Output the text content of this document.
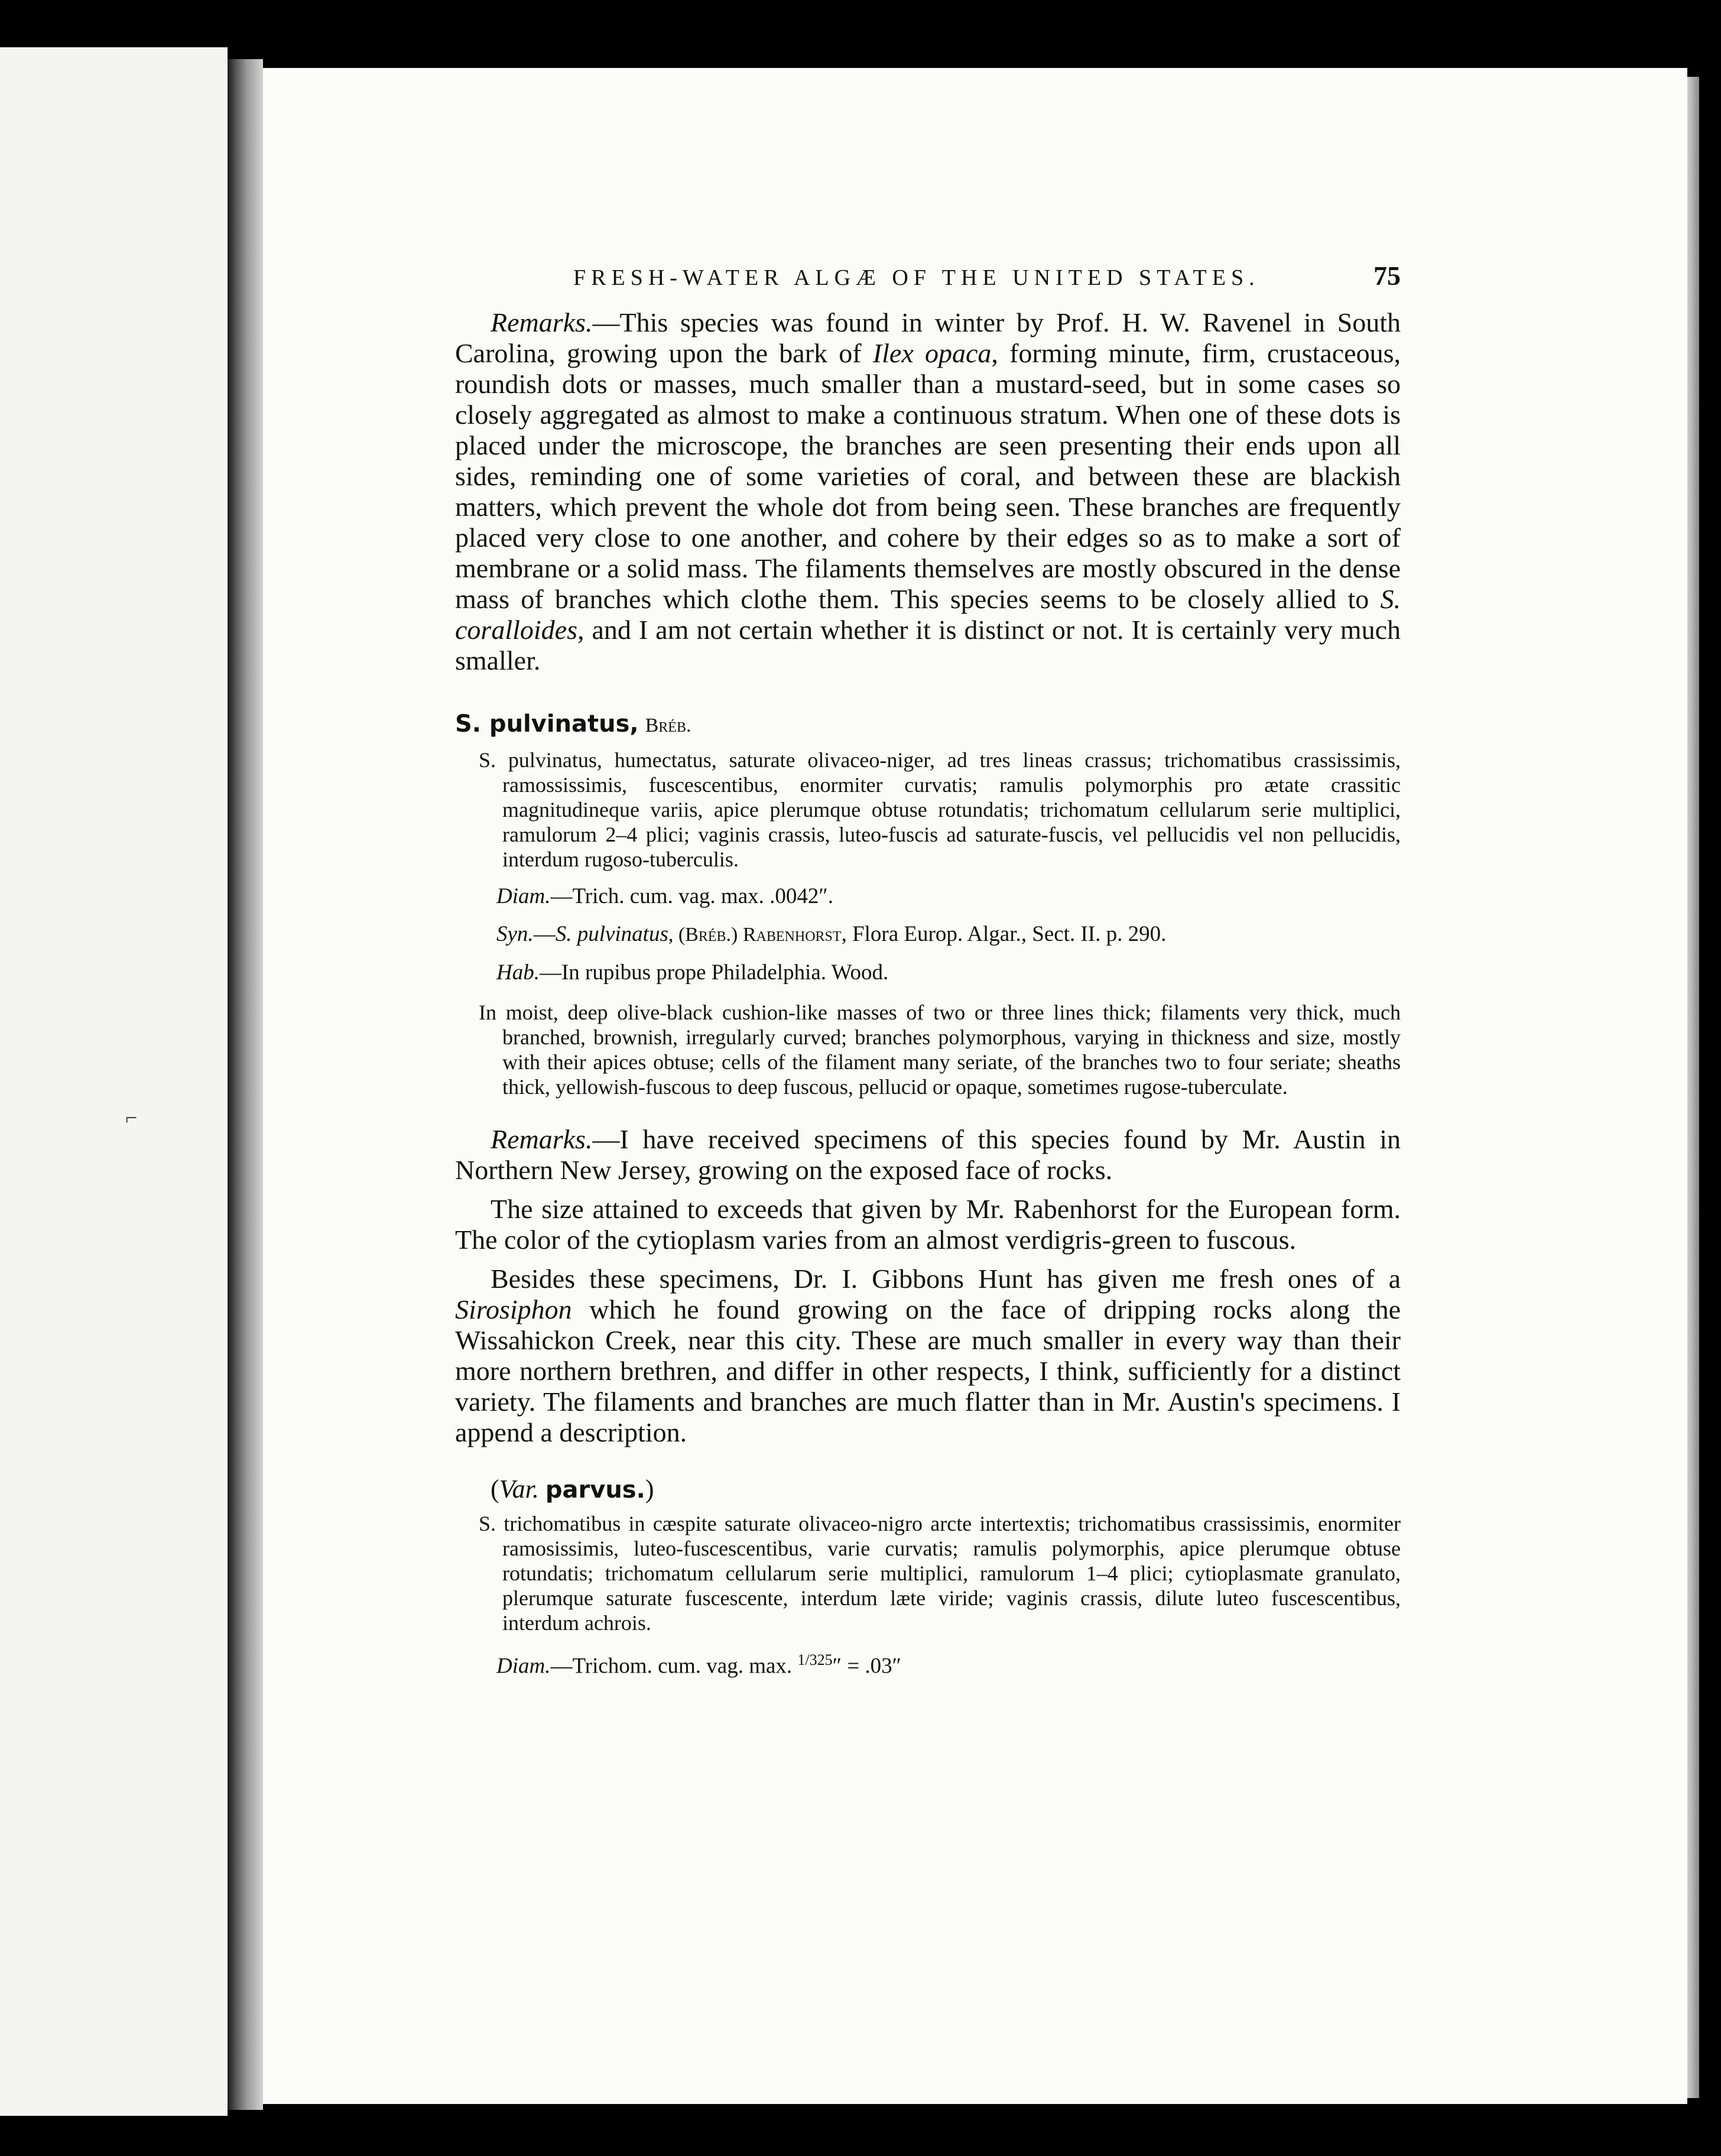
⌐
FRESH-WATER ALGÆ OF THE UNITED STATES.	75

Remarks.—This species was found in winter by Prof. H. W. Ravenel in South Carolina, growing upon the bark of Ilex opaca, forming minute, firm, crustaceous, roundish dots or masses, much smaller than a mustard-seed, but in some cases so closely aggregated as almost to make a continuous stratum. When one of these dots is placed under the microscope, the branches are seen presenting their ends upon all sides, reminding one of some varieties of coral, and between these are blackish matters, which prevent the whole dot from being seen. These branches are frequently placed very close to one another, and cohere by their edges so as to make a sort of membrane or a solid mass. The filaments themselves are mostly obscured in the dense mass of branches which clothe them. This species seems to be closely allied to S. coralloides, and I am not certain whether it is distinct or not. It is certainly very much smaller.

S. pulvinatus, Bréb.

S. pulvinatus, humectatus, saturate olivaceo-niger, ad tres lineas crassus; trichomatibus crassissimis, ramossissimis, fuscescentibus, enormiter curvatis; ramulis polymorphis pro ætate crassitic magnitudineque variis, apice plerumque obtuse rotundatis; trichomatum cellularum serie multiplici, ramulorum 2–4 plici; vaginis crassis, luteo-fuscis ad saturate-fuscis, vel pellucidis vel non pellucidis, interdum rugoso-tuberculis.

Diam.—Trich. cum. vag. max. .0042″.
Syn.—S. pulvinatus, (Bréb.) Rabenhorst, Flora Europ. Algar., Sect. II. p. 290.
Hab.—In rupibus prope Philadelphia. Wood.

In moist, deep olive-black cushion-like masses of two or three lines thick; filaments very thick, much branched, brownish, irregularly curved; branches polymorphous, varying in thickness and size, mostly with their apices obtuse; cells of the filament many seriate, of the branches two to four seriate; sheaths thick, yellowish-fuscous to deep fuscous, pellucid or opaque, sometimes rugose-tuberculate.

Remarks.—I have received specimens of this species found by Mr. Austin in Northern New Jersey, growing on the exposed face of rocks.

The size attained to exceeds that given by Mr. Rabenhorst for the European form. The color of the cytioplasm varies from an almost verdigris-green to fuscous.

Besides these specimens, Dr. I. Gibbons Hunt has given me fresh ones of a Sirosiphon which he found growing on the face of dripping rocks along the Wissahickon Creek, near this city. These are much smaller in every way than their more northern brethren, and differ in other respects, I think, sufficiently for a distinct variety. The filaments and branches are much flatter than in Mr. Austin's specimens. I append a description.

(Var. parvus.)

S. trichomatibus in cæspite saturate olivaceo-nigro arcte intertextis; trichomatibus crassissimis, enormiter ramosissimis, luteo-fuscescentibus, varie curvatis; ramulis polymorphis, apice plerumque obtuse rotundatis; trichomatum cellularum serie multiplici, ramulorum 1–4 plici; cytioplasmate granulato, plerumque saturate fuscescente, interdum læte viride; vaginis crassis, dilute luteo fuscescentibus, interdum achrois.

Diam.—Trichom. cum. vag. max. $^{1/325}$″ = .03″
